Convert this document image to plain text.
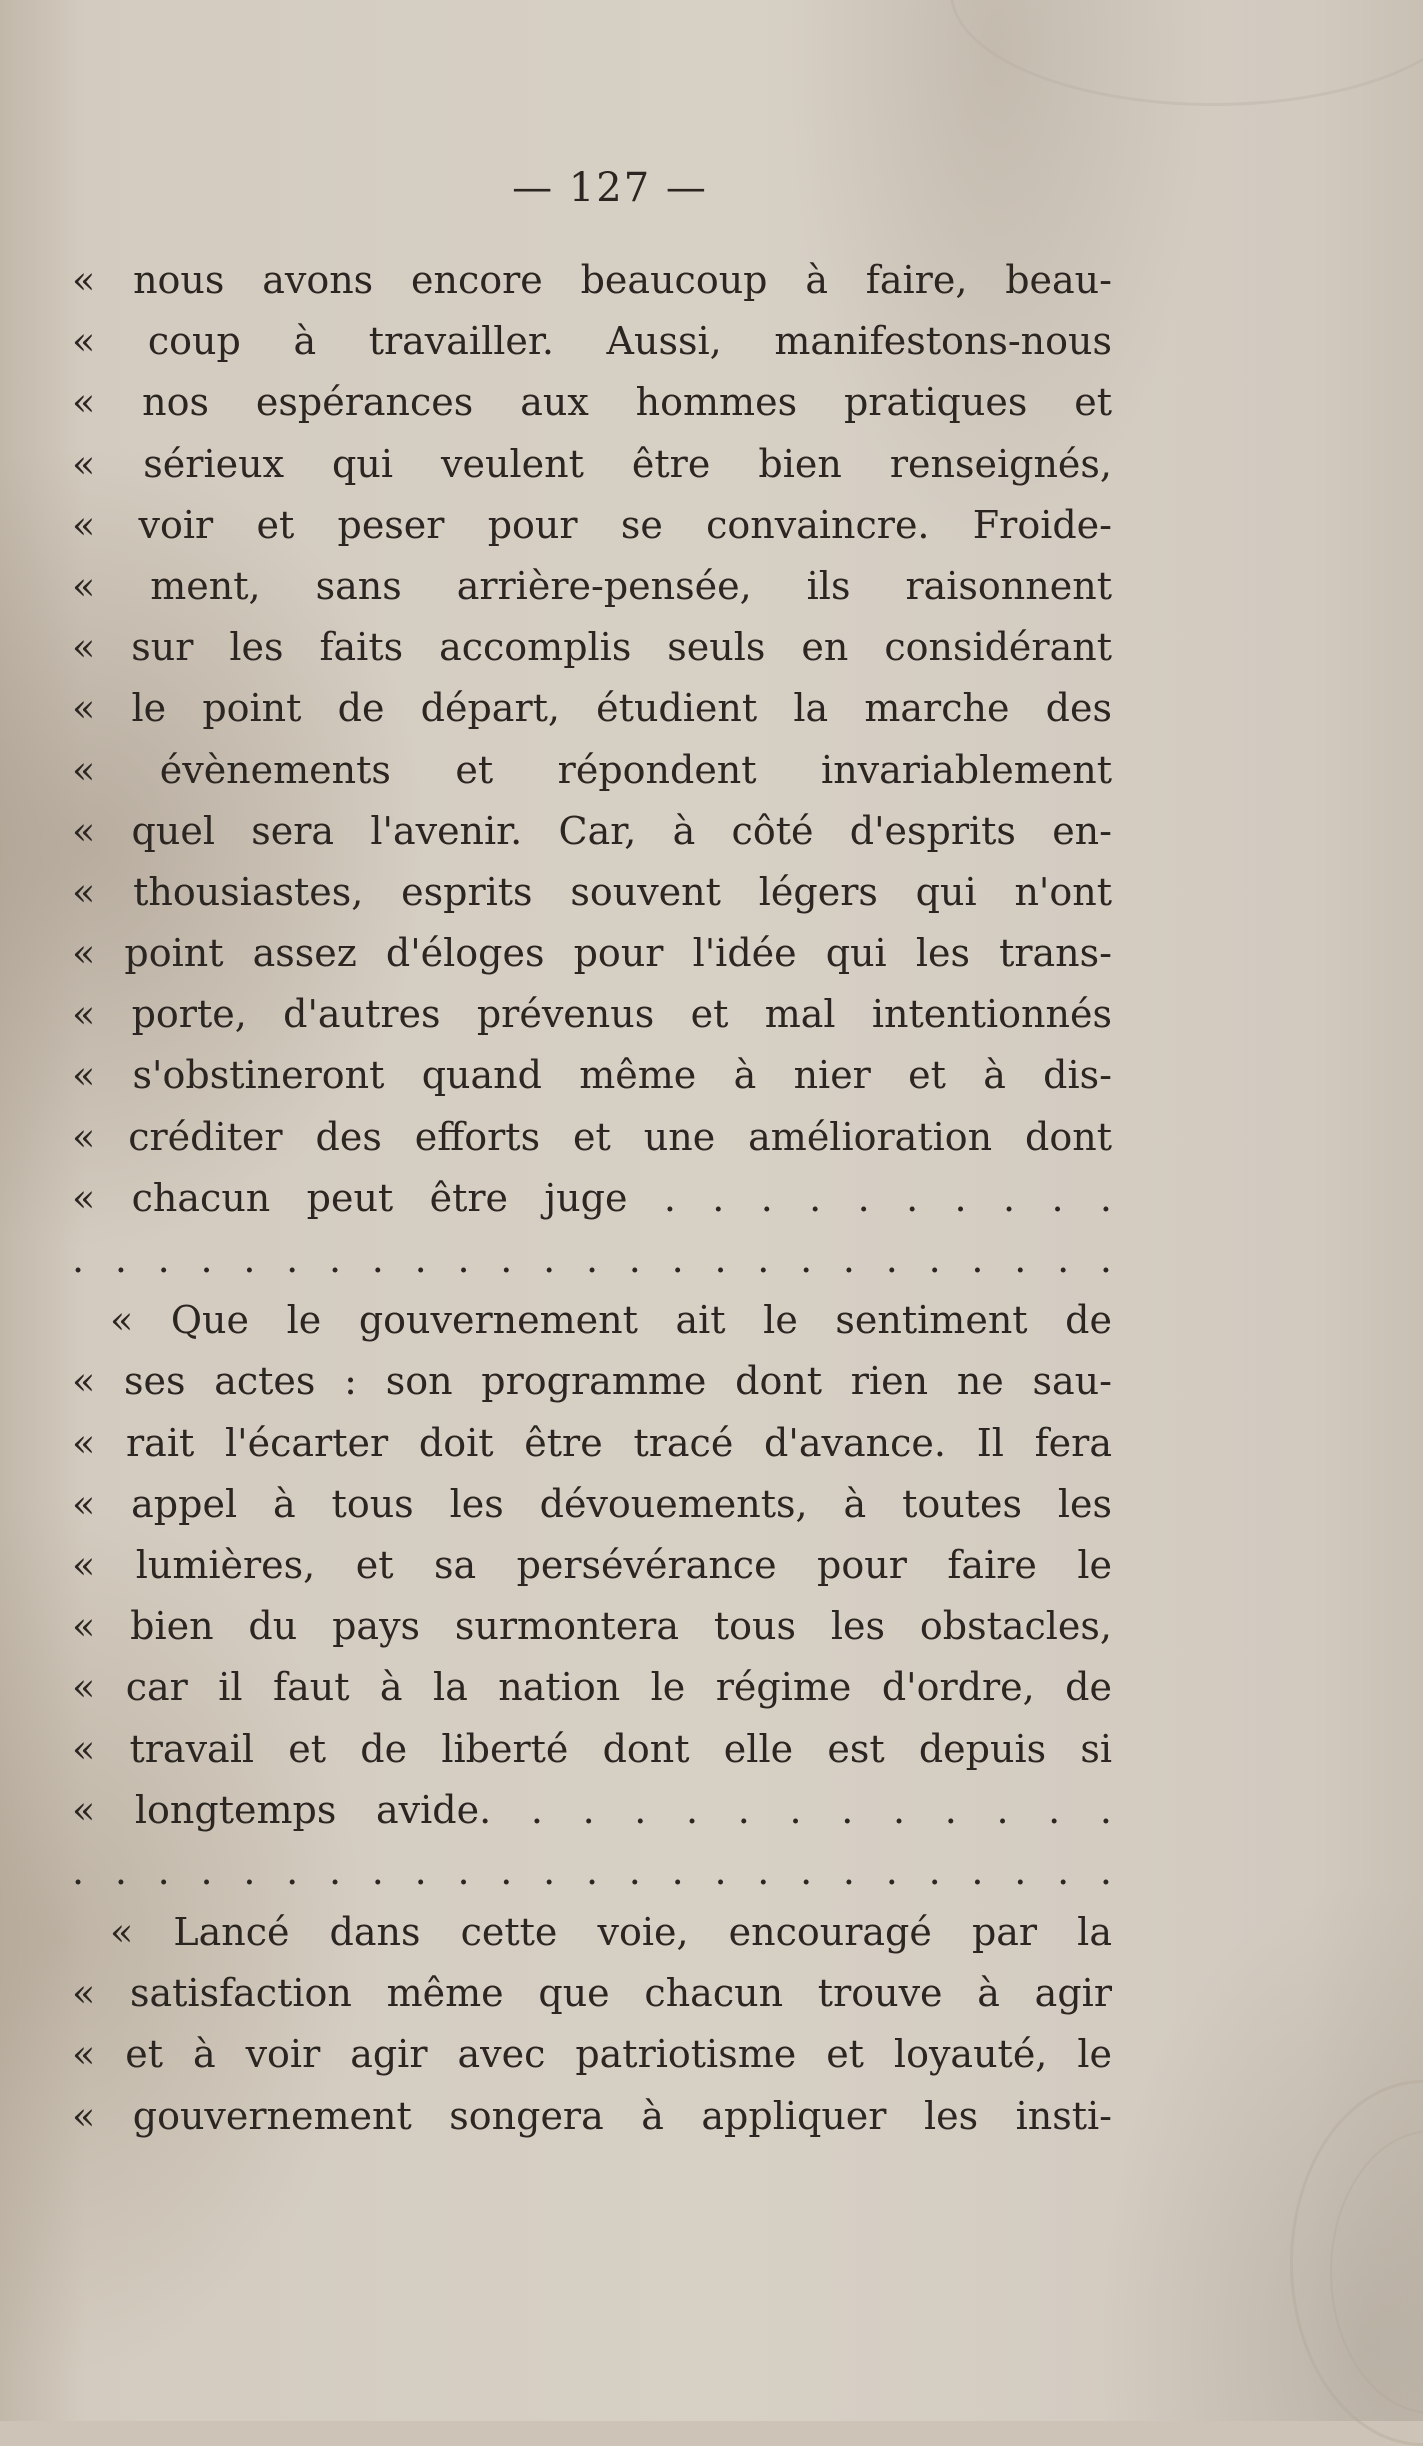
— 127 —
« nous avons encore beaucoup à faire, beau-
« coup à travailler. Aussi, manifestons-nous
« nos espérances aux hommes pratiques et
« sérieux qui veulent être bien renseignés,
« voir et peser pour se convaincre. Froide-
« ment, sans arrière-pensée, ils raisonnent
« sur les faits accomplis seuls en considérant
« le point de départ, étudient la marche des
« évènements et répondent invariablement
« quel sera l'avenir. Car, à côté d'esprits en-
« thousiastes, esprits souvent légers qui n'ont
« point assez d'éloges pour l'idée qui les trans-
« porte, d'autres prévenus et mal intentionnés
« s'obstineront quand même à nier et à dis-
« créditer des efforts et une amélioration dont
« chacun peut être juge . . . . . . . . . .
. . . . . . . . . . . . . . . . . . . . . . . . .
« Que le gouvernement ait le sentiment de
« ses actes : son programme dont rien ne sau-
« rait l'écarter doit être tracé d'avance. Il fera
« appel à tous les dévouements, à toutes les
« lumières, et sa persévérance pour faire le
« bien du pays surmontera tous les obstacles,
« car il faut à la nation le régime d'ordre, de
« travail et de liberté dont elle est depuis si
« longtemps avide. . . . . . . . . . . . .
. . . . . . . . . . . . . . . . . . . . . . . . .
« Lancé dans cette voie, encouragé par la
« satisfaction même que chacun trouve à agir
« et à voir agir avec patriotisme et loyauté, le
« gouvernement songera à appliquer les insti-
